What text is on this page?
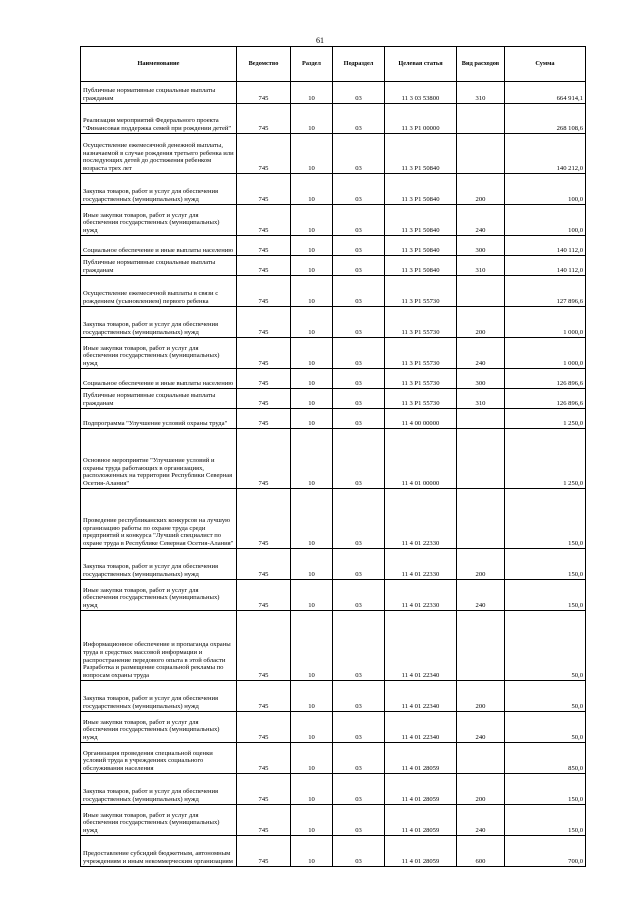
61
Наименование	Ведомство	Раздел	Подраздел	Целевая статья	Вид расходов	Сумма
Публичные нормативные социальные выплаты гражданам	745	10	03	11 3 03 53800	310	664 914,1
Реализация мероприятий Федерального проекта "Финансовая поддержка семей при рождении детей"	745	10	03	11 3 Р1 00000		268 108,6
Осуществление ежемесячной денежной выплаты, назначаемой в случае рождения третьего ребенка или последующих детей до достижения ребенком возраста трех лет	745	10	03	11 3 Р1 50840		140 212,0
Закупка товаров, работ и услуг для обеспечения государственных (муниципальных) нужд	745	10	03	11 3 Р1 50840	200	100,0
Иные закупки товаров, работ и услуг для обеспечения государственных (муниципальных) нужд	745	10	03	11 3 Р1 50840	240	100,0
Социальное обеспечение и иные выплаты населению	745	10	03	11 3 Р1 50840	300	140 112,0
Публичные нормативные социальные выплаты гражданам	745	10	03	11 3 Р1 50840	310	140 112,0
Осуществление ежемесячной выплаты в связи с рождением (усыновлением) первого ребенка	745	10	03	11 3 Р1 55730		127 896,6
Закупка товаров, работ и услуг для обеспечения государственных (муниципальных) нужд	745	10	03	11 3 Р1 55730	200	1 000,0
Иные закупки товаров, работ и услуг для обеспечения государственных (муниципальных) нужд	745	10	03	11 3 Р1 55730	240	1 000,0
Социальное обеспечение и иные выплаты населению	745	10	03	11 3 Р1 55730	300	126 896,6
Публичные нормативные социальные выплаты гражданам	745	10	03	11 3 Р1 55730	310	126 896,6
Подпрограмма "Улучшение условий охраны труда"	745	10	03	11 4 00 00000		1 250,0
Основное мероприятие "Улучшение условий и охраны труда работающих в организациях, расположенных на территории Республики Северная Осетия-Алания"	745	10	03	11 4 01 00000		1 250,0
Проведение республиканских конкурсов на лучшую организацию работы по охране труда среди предприятий и конкурса "Лучший специалист по охране труда в Республике Северная Осетия-Алания"	745	10	03	11 4 01 22330		150,0
Закупка товаров, работ и услуг для обеспечения государственных (муниципальных) нужд	745	10	03	11 4 01 22330	200	150,0
Иные закупки товаров, работ и услуг для обеспечения государственных (муниципальных) нужд	745	10	03	11 4 01 22330	240	150,0
Информационное обеспечение и пропаганда охраны труда в средствах массовой информации и распространение передового опыта в этой области Разработка и размещение социальной рекламы по вопросам охраны труда	745	10	03	11 4 01 22340		50,0
Закупка товаров, работ и услуг для обеспечения государственных (муниципальных) нужд	745	10	03	11 4 01 22340	200	50,0
Иные закупки товаров, работ и услуг для обеспечения государственных (муниципальных) нужд	745	10	03	11 4 01 22340	240	50,0
Организация проведения специальной оценки условий труда в учреждениях социального обслуживания населения	745	10	03	11 4 01 28059		850,0
Закупка товаров, работ и услуг для обеспечения государственных (муниципальных) нужд	745	10	03	11 4 01 28059	200	150,0
Иные закупки товаров, работ и услуг для обеспечения государственных (муниципальных) нужд	745	10	03	11 4 01 28059	240	150,0
Предоставление субсидий бюджетным, автономным учреждениям и иным некоммерческим организациям	745	10	03	11 4 01 28059	600	700,0
